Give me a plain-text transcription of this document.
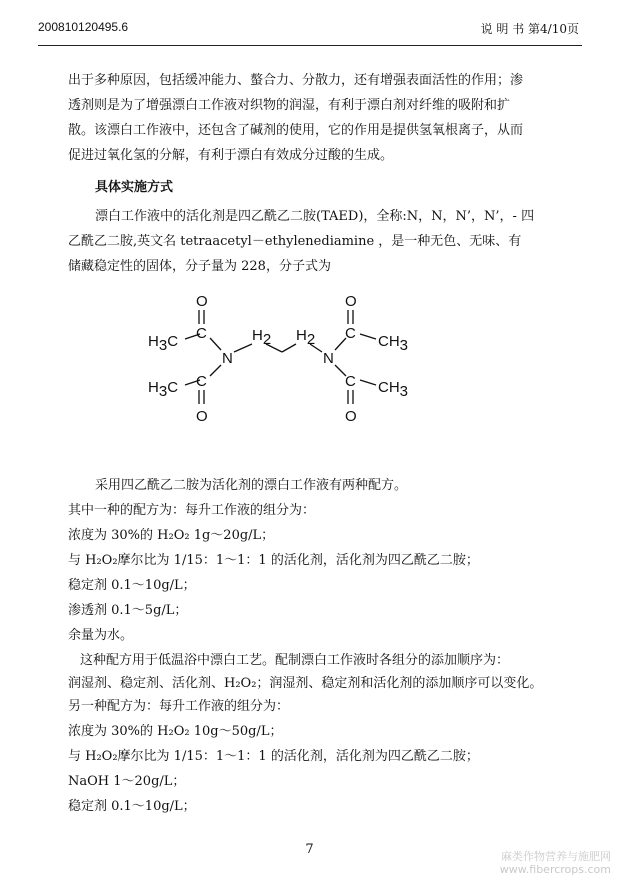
200810120495.6	说 明 书 第4/10页
出于多种原因，包括缓冲能力、螯合力、分散力，还有增强表面活性的作用；渗
透剂则是为了增强漂白工作液对织物的润湿，有利于漂白剂对纤维的吸附和扩
散。该漂白工作液中，还包含了碱剂的使用，它的作用是提供氢氧根离子，从而
促进过氧化氢的分解，有利于漂白有效成分过酸的生成。
具体实施方式
漂白工作液中的活化剂是四乙酰乙二胺(TAED)，全称:N，N，N’，N’，- 四
乙酰乙二胺,英文名 tetraacetyl－ethylenediamine ，是一种无色、无味、有
储藏稳定性的固体，分子量为 228，分子式为
O
H3C C
N
H3C C
O
H2 H2
N
O
C CH3
C CH3
O
采用四乙酰乙二胺为活化剂的漂白工作液有两种配方。
其中一种的配方为：每升工作液的组分为：
浓度为 30%的 H₂O₂ 1g～20g/L；
与 H₂O₂摩尔比为 1/15：1～1：1 的活化剂，活化剂为四乙酰乙二胺；
稳定剂 0.1～10g/L；
渗透剂 0.1～5g/L；
余量为水。
这种配方用于低温浴中漂白工艺。配制漂白工作液时各组分的添加顺序为：
润湿剂、稳定剂、活化剂、H₂O₂；润湿剂、稳定剂和活化剂的添加顺序可以变化。
另一种配方为：每升工作液的组分为：
浓度为 30%的 H₂O₂ 10g～50g/L；
与 H₂O₂摩尔比为 1/15：1～1：1 的活化剂，活化剂为四乙酰乙二胺；
NaOH 1～20g/L；
稳定剂 0.1～10g/L；
7	麻类作物营养与施肥网
www.fibercrops.com
